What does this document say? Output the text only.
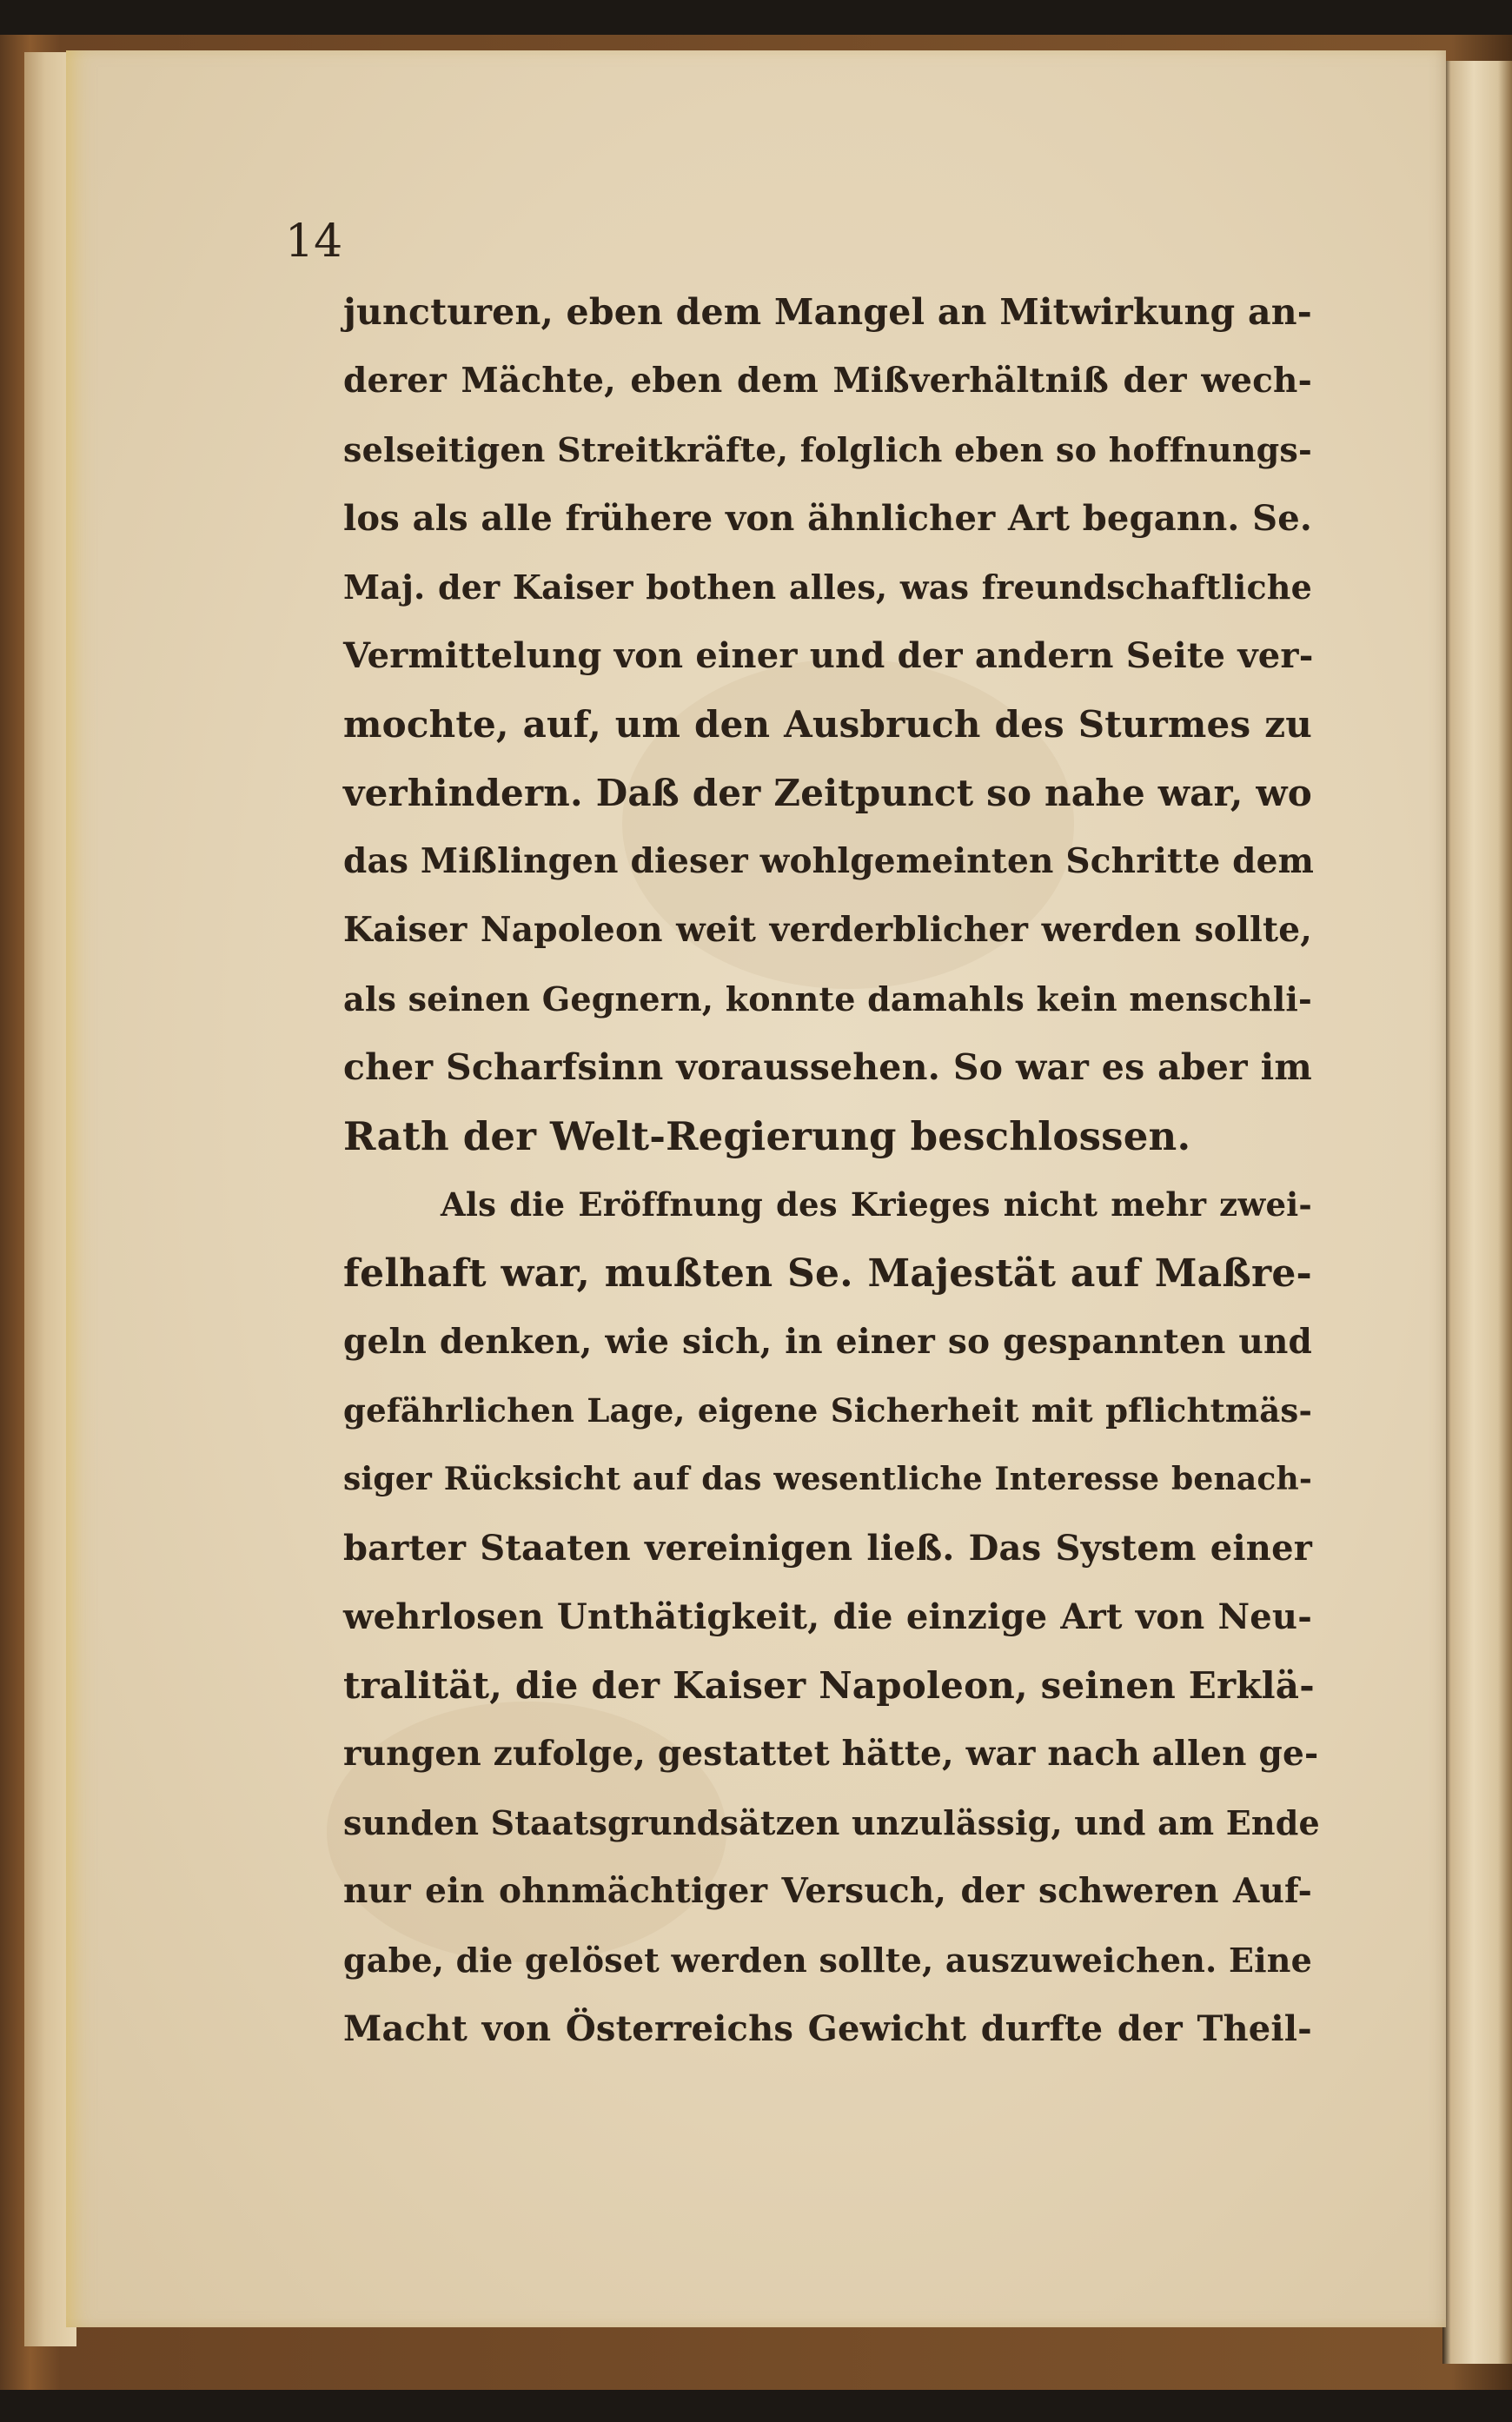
14

juncturen, eben dem Mangel an Mitwirkung an-
derer Mächte, eben dem Mißverhältniß der wech-
selseitigen Streitkräfte, folglich eben so hoffnungs-
los als alle frühere von ähnlicher Art begann. Se.
Maj. der Kaiser bothen alles, was freundschaftliche
Vermittelung von einer und der andern Seite ver-
mochte, auf, um den Ausbruch des Sturmes zu
verhindern. Daß der Zeitpunct so nahe war, wo
das Mißlingen dieser wohlgemeinten Schritte dem
Kaiser Napoleon weit verderblicher werden sollte,
als seinen Gegnern, konnte damahls kein menschli-
cher Scharfsinn voraussehen. So war es aber im
Rath der Welt-Regierung beschlossen.
Als die Eröffnung des Krieges nicht mehr zwei-
felhaft war, mußten Se. Majestät auf Maßre-
geln denken, wie sich, in einer so gespannten und
gefährlichen Lage, eigene Sicherheit mit pflichtmäs-
siger Rücksicht auf das wesentliche Interesse benach-
barter Staaten vereinigen ließ. Das System einer
wehrlosen Unthätigkeit, die einzige Art von Neu-
tralität, die der Kaiser Napoleon, seinen Erklä-
rungen zufolge, gestattet hätte, war nach allen ge-
sunden Staatsgrundsätzen unzulässig, und am Ende
nur ein ohnmächtiger Versuch, der schweren Auf-
gabe, die gelöset werden sollte, auszuweichen. Eine
Macht von Österreichs Gewicht durfte der Theil-
